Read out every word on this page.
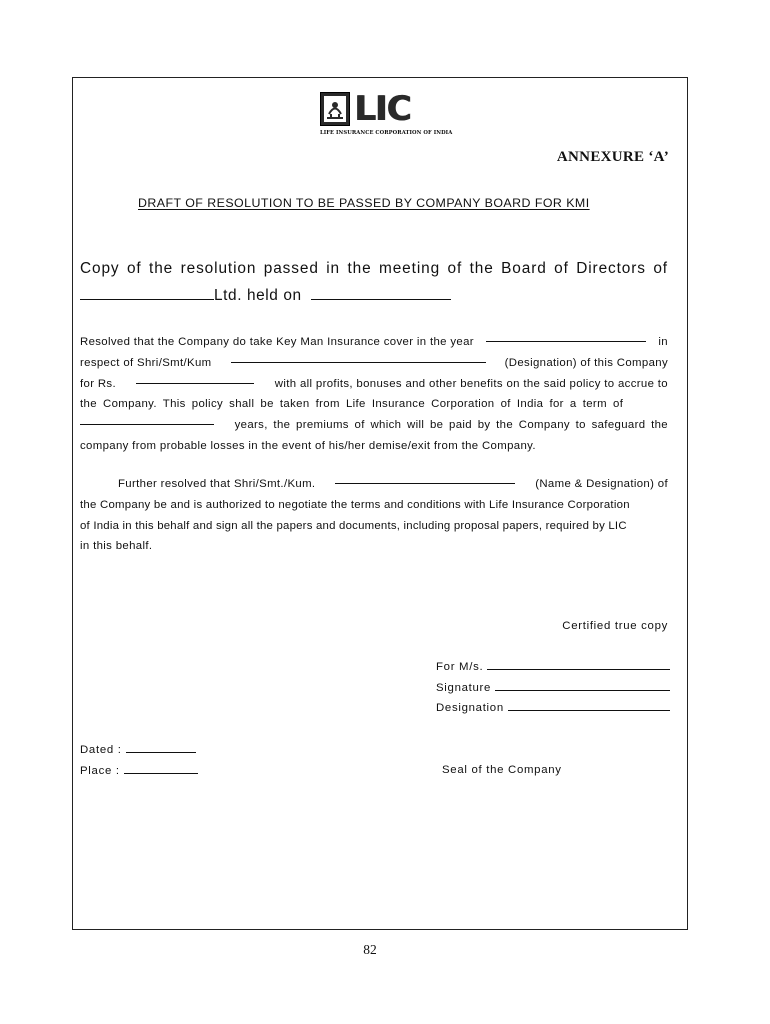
LIC
LIFE INSURANCE CORPORATION OF INDIA
ANNEXURE ‘A’
DRAFT OF RESOLUTION TO BE PASSED BY COMPANY BOARD FOR KMI
Copy of the resolution passed in the meeting of the Board of Directors of
Ltd. held on
Resolved that the Company do take Key Man Insurance cover in the year	in
respect of Shri/Smt/Kum	(Designation) of this Company
for Rs.	with all profits, bonuses and other benefits on the said policy to accrue to
the Company. This policy shall be taken from Life Insurance Corporation of India for a term of
years, the premiums of which will be paid by the Company to safeguard the
company from probable losses in the event of his/her demise/exit from the Company.
Further resolved that Shri/Smt./Kum.	(Name & Designation) of
the Company be and is authorized to negotiate the terms and conditions with Life Insurance Corporation
of India in this behalf and sign all the papers and documents, including proposal papers, required by LIC
in this behalf.
Certified true copy
For M/s.
Signature
Designation
Dated :
Place :	Seal of the Company
82
